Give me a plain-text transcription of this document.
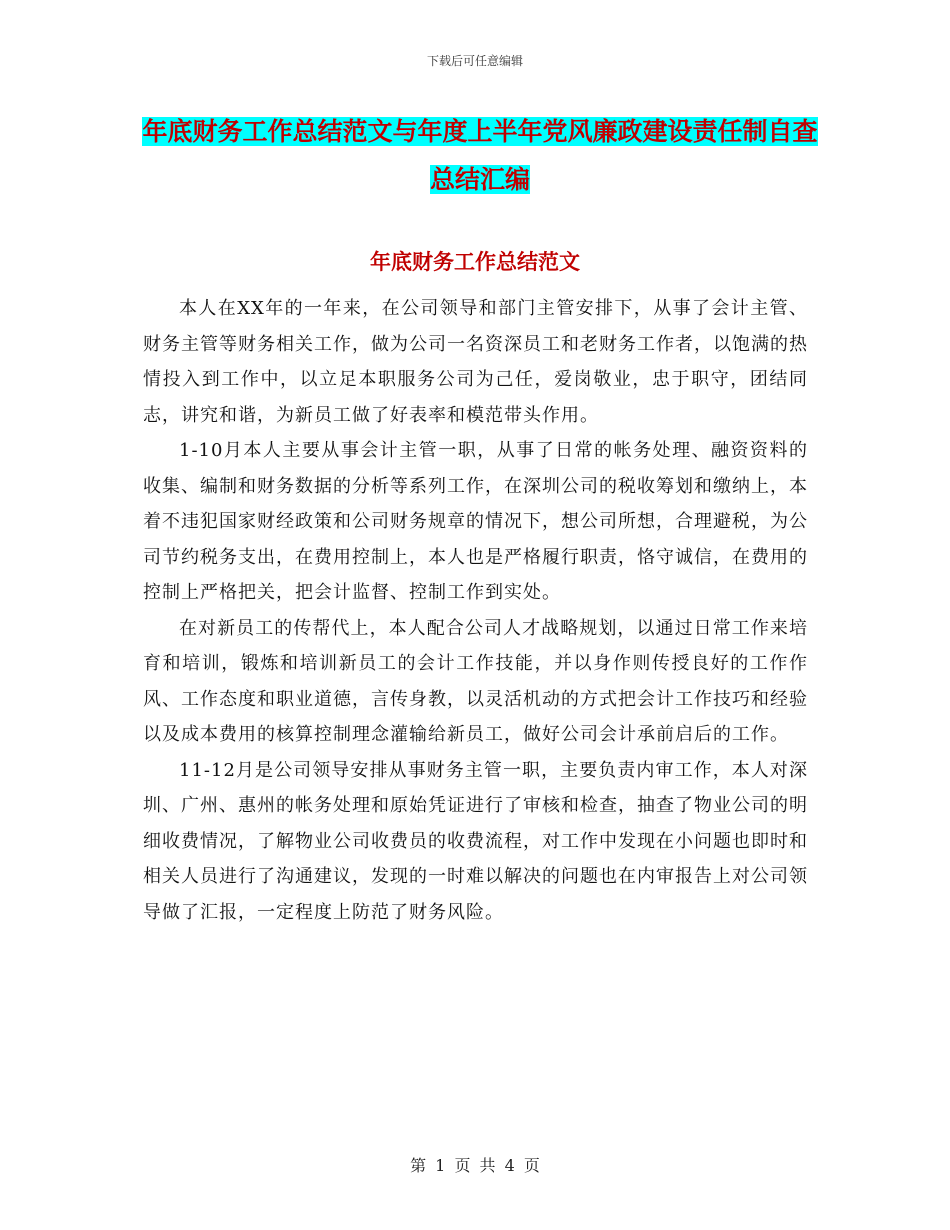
下载后可任意编辑
年底财务工作总结范文与年度上半年党风廉政建设责任制自查总结汇编
年底财务工作总结范文

本人在XX年的一年来，在公司领导和部门主管安排下，从事了会计主管、财务主管等财务相关工作，做为公司一名资深员工和老财务工作者，以饱满的热情投入到工作中，以立足本职服务公司为己任，爱岗敬业，忠于职守，团结同志，讲究和谐，为新员工做了好表率和模范带头作用。

1-10月本人主要从事会计主管一职，从事了日常的帐务处理、融资资料的收集、编制和财务数据的分析等系列工作，在深圳公司的税收筹划和缴纳上，本着不违犯国家财经政策和公司财务规章的情况下，想公司所想，合理避税，为公司节约税务支出，在费用控制上，本人也是严格履行职责，恪守诚信，在费用的控制上严格把关，把会计监督、控制工作到实处。

在对新员工的传帮代上，本人配合公司人才战略规划，以通过日常工作来培育和培训，锻炼和培训新员工的会计工作技能，并以身作则传授良好的工作作风、工作态度和职业道德，言传身教，以灵活机动的方式把会计工作技巧和经验以及成本费用的核算控制理念灌输给新员工，做好公司会计承前启后的工作。

11-12月是公司领导安排从事财务主管一职，主要负责内审工作，本人对深圳、广州、惠州的帐务处理和原始凭证进行了审核和检查，抽查了物业公司的明细收费情况，了解物业公司收费员的收费流程，对工作中发现在小问题也即时和相关人员进行了沟通建议，发现的一时难以解决的问题也在内审报告上对公司领导做了汇报，一定程度上防范了财务风险。

第 1 页 共 4 页
